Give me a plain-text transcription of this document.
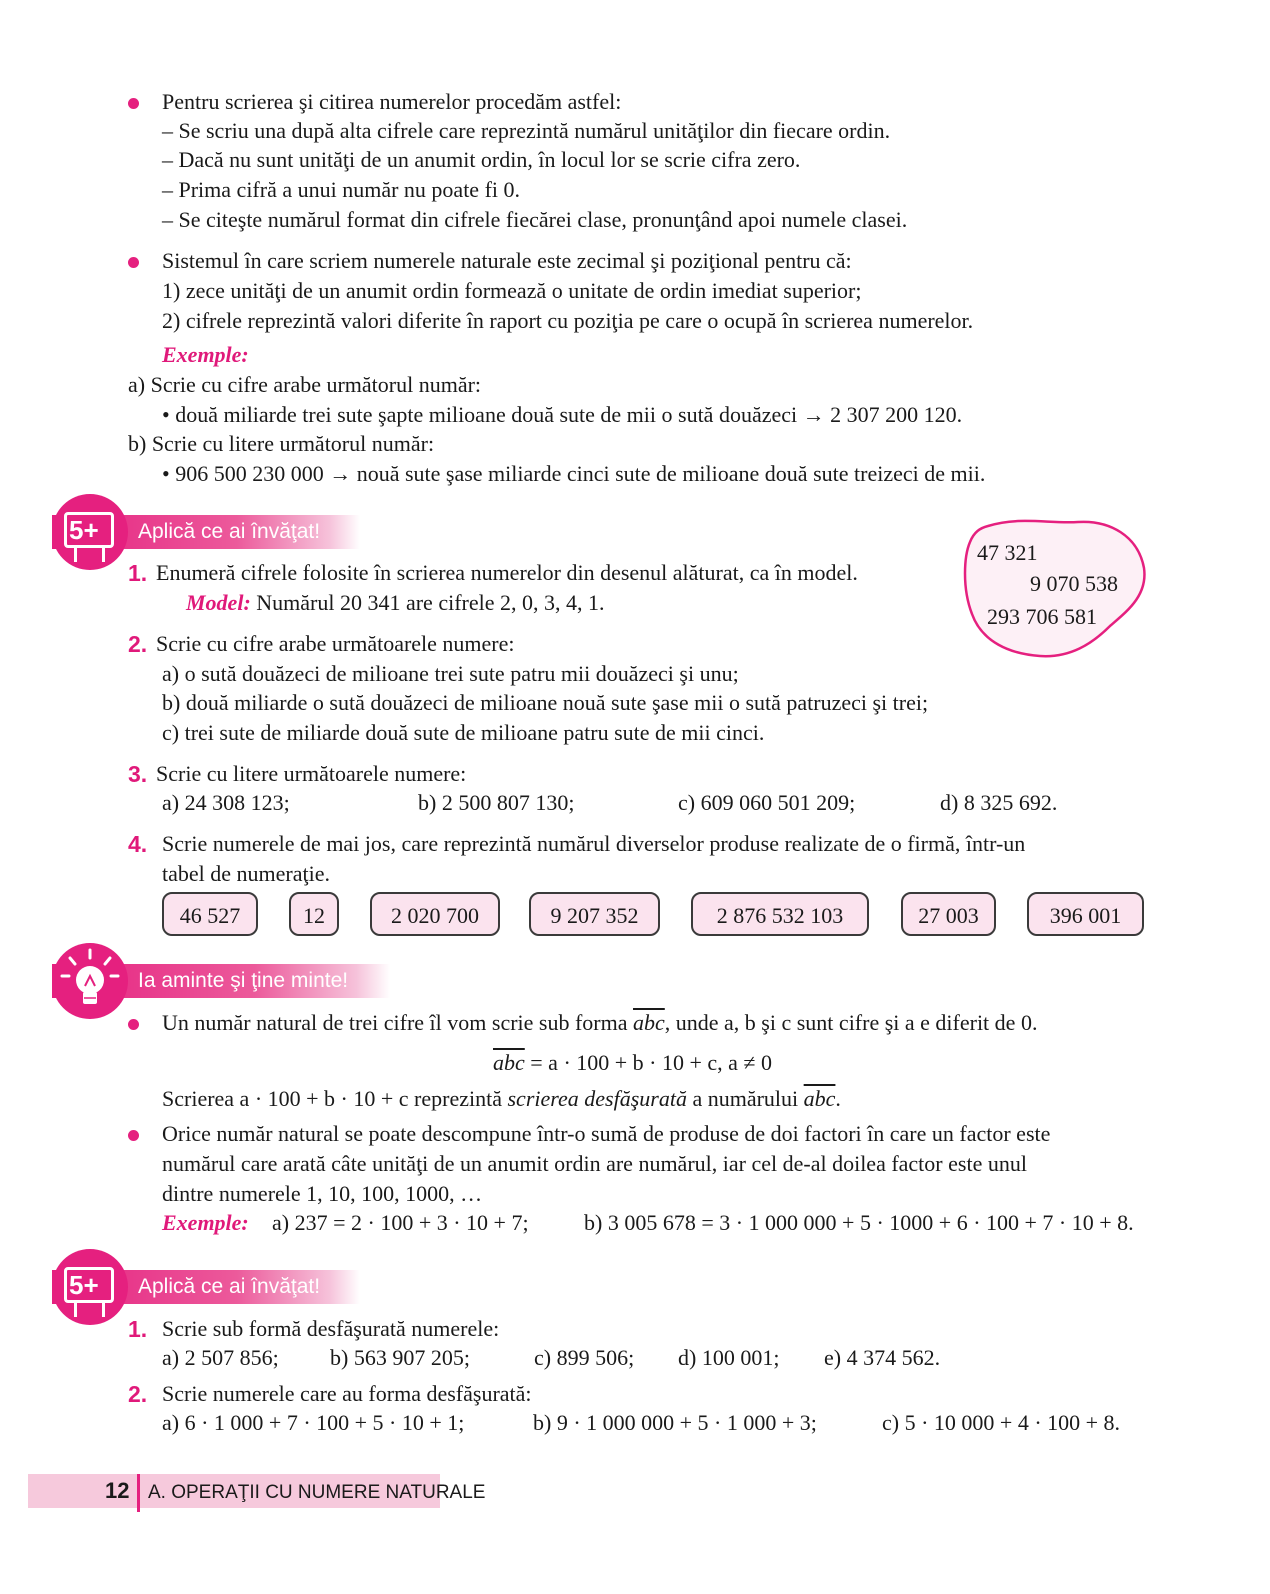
Pentru scrierea şi citirea numerelor procedăm astfel:
– Se scriu una după alta cifrele care reprezintă numărul unităţilor din fiecare ordin.
– Dacă nu sunt unităţi de un anumit ordin, în locul lor se scrie cifra zero.
– Prima cifră a unui număr nu poate fi 0.
– Se citeşte numărul format din cifrele fiecărei clase, pronunţând apoi numele clasei.
Sistemul în care scriem numerele naturale este zecimal şi poziţional pentru că:
1) zece unităţi de un anumit ordin formează o unitate de ordin imediat superior;
2) cifrele reprezintă valori diferite în raport cu poziţia pe care o ocupă în scrierea numerelor.
Exemple:
a) Scrie cu cifre arabe următorul număr:
• două miliarde trei sute şapte milioane două sute de mii o sută douăzeci → 2 307 200 120.
b) Scrie cu litere următorul număr:
• 906 500 230 000 → nouă sute şase miliarde cinci sute de milioane două sute treizeci de mii.
Aplică ce ai învăţat!
5+
47 321
9 070 538
293 706 581
1. Enumeră cifrele folosite în scrierea numerelor din desenul alăturat, ca în model.
Model: Numărul 20 341 are cifrele 2, 0, 3, 4, 1.
2. Scrie cu cifre arabe următoarele numere:
a) o sută douăzeci de milioane trei sute patru mii douăzeci şi unu;
b) două miliarde o sută douăzeci de milioane nouă sute şase mii o sută patruzeci şi trei;
c) trei sute de miliarde două sute de milioane patru sute de mii cinci.
3. Scrie cu litere următoarele numere:
a) 24 308 123;	b) 2 500 807 130;	c) 609 060 501 209;	d) 8 325 692.
4. Scrie numerele de mai jos, care reprezintă numărul diverselor produse realizate de o firmă, într-un
tabel de numeraţie.
46 527	12	2 020 700	9 207 352	2 876 532 103	27 003	396 001
Ia aminte şi ţine minte!
Un număr natural de trei cifre îl vom scrie sub forma $\overline{abc}$, unde a, b şi c sunt cifre şi a e diferit de 0.
$\overline{abc} = a \cdot 100 + b \cdot 10 + c$, a ≠ 0
Scrierea a · 100 + b · 10 + c reprezintă scrierea desfăşurată a numărului $\overline{abc}$.
Orice număr natural se poate descompune într-o sumă de produse de doi factori în care un factor este
numărul care arată câte unităţi de un anumit ordin are numărul, iar cel de-al doilea factor este unul
dintre numerele 1, 10, 100, 1000, …
Exemple: a) 237 = 2 · 100 + 3 · 10 + 7;	b) 3 005 678 = 3 · 1 000 000 + 5 · 1000 + 6 · 100 + 7 · 10 + 8.
Aplică ce ai învăţat!
5+
1. Scrie sub formă desfăşurată numerele:
a) 2 507 856; b) 563 907 205;	c) 899 506; d) 100 001; e) 4 374 562.
2. Scrie numerele care au forma desfăşurată:
a) 6 · 1 000 + 7 · 100 + 5 · 10 + 1;	b) 9 · 1 000 000 + 5 · 1 000 + 3;	c) 5 · 10 000 + 4 · 100 + 8.
12 A. OPERAŢII CU NUMERE NATURALE
